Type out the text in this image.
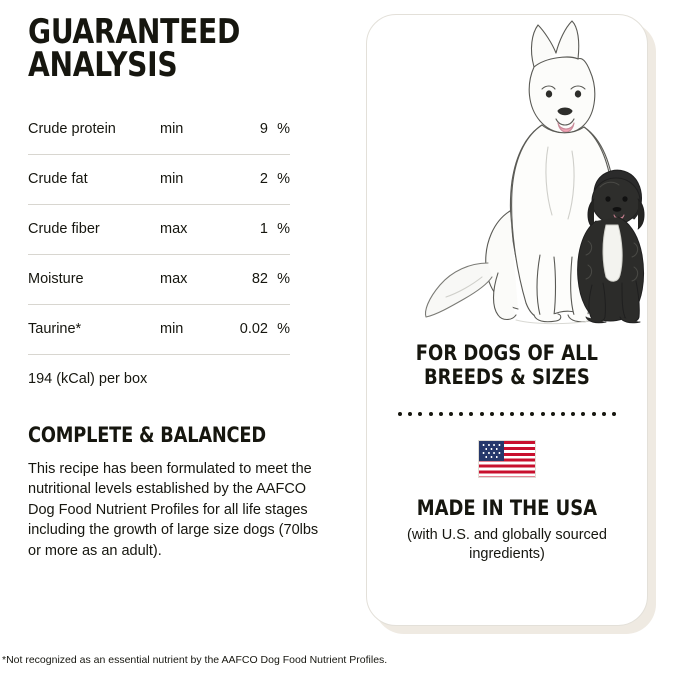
GUARANTEED ANALYSIS
Crude protein	min	9 %
Crude fat	min	2 %
Crude fiber	max	1 %
Moisture	max	82 %
Taurine*	min	0.02 %

194 (kCal) per box

COMPLETE & BALANCED

This recipe has been formulated to meet the nutritional levels established by the AAFCO Dog Food Nutrient Profiles for all life stages including the growth of large size dogs (70lbs or more as an adult).

FOR DOGS OF ALL
BREEDS & SIZES
MADE IN THE USA
(with U.S. and globally sourced ingredients)
*Not recognized as an essential nutrient by the AAFCO Dog Food Nutrient Profiles.
